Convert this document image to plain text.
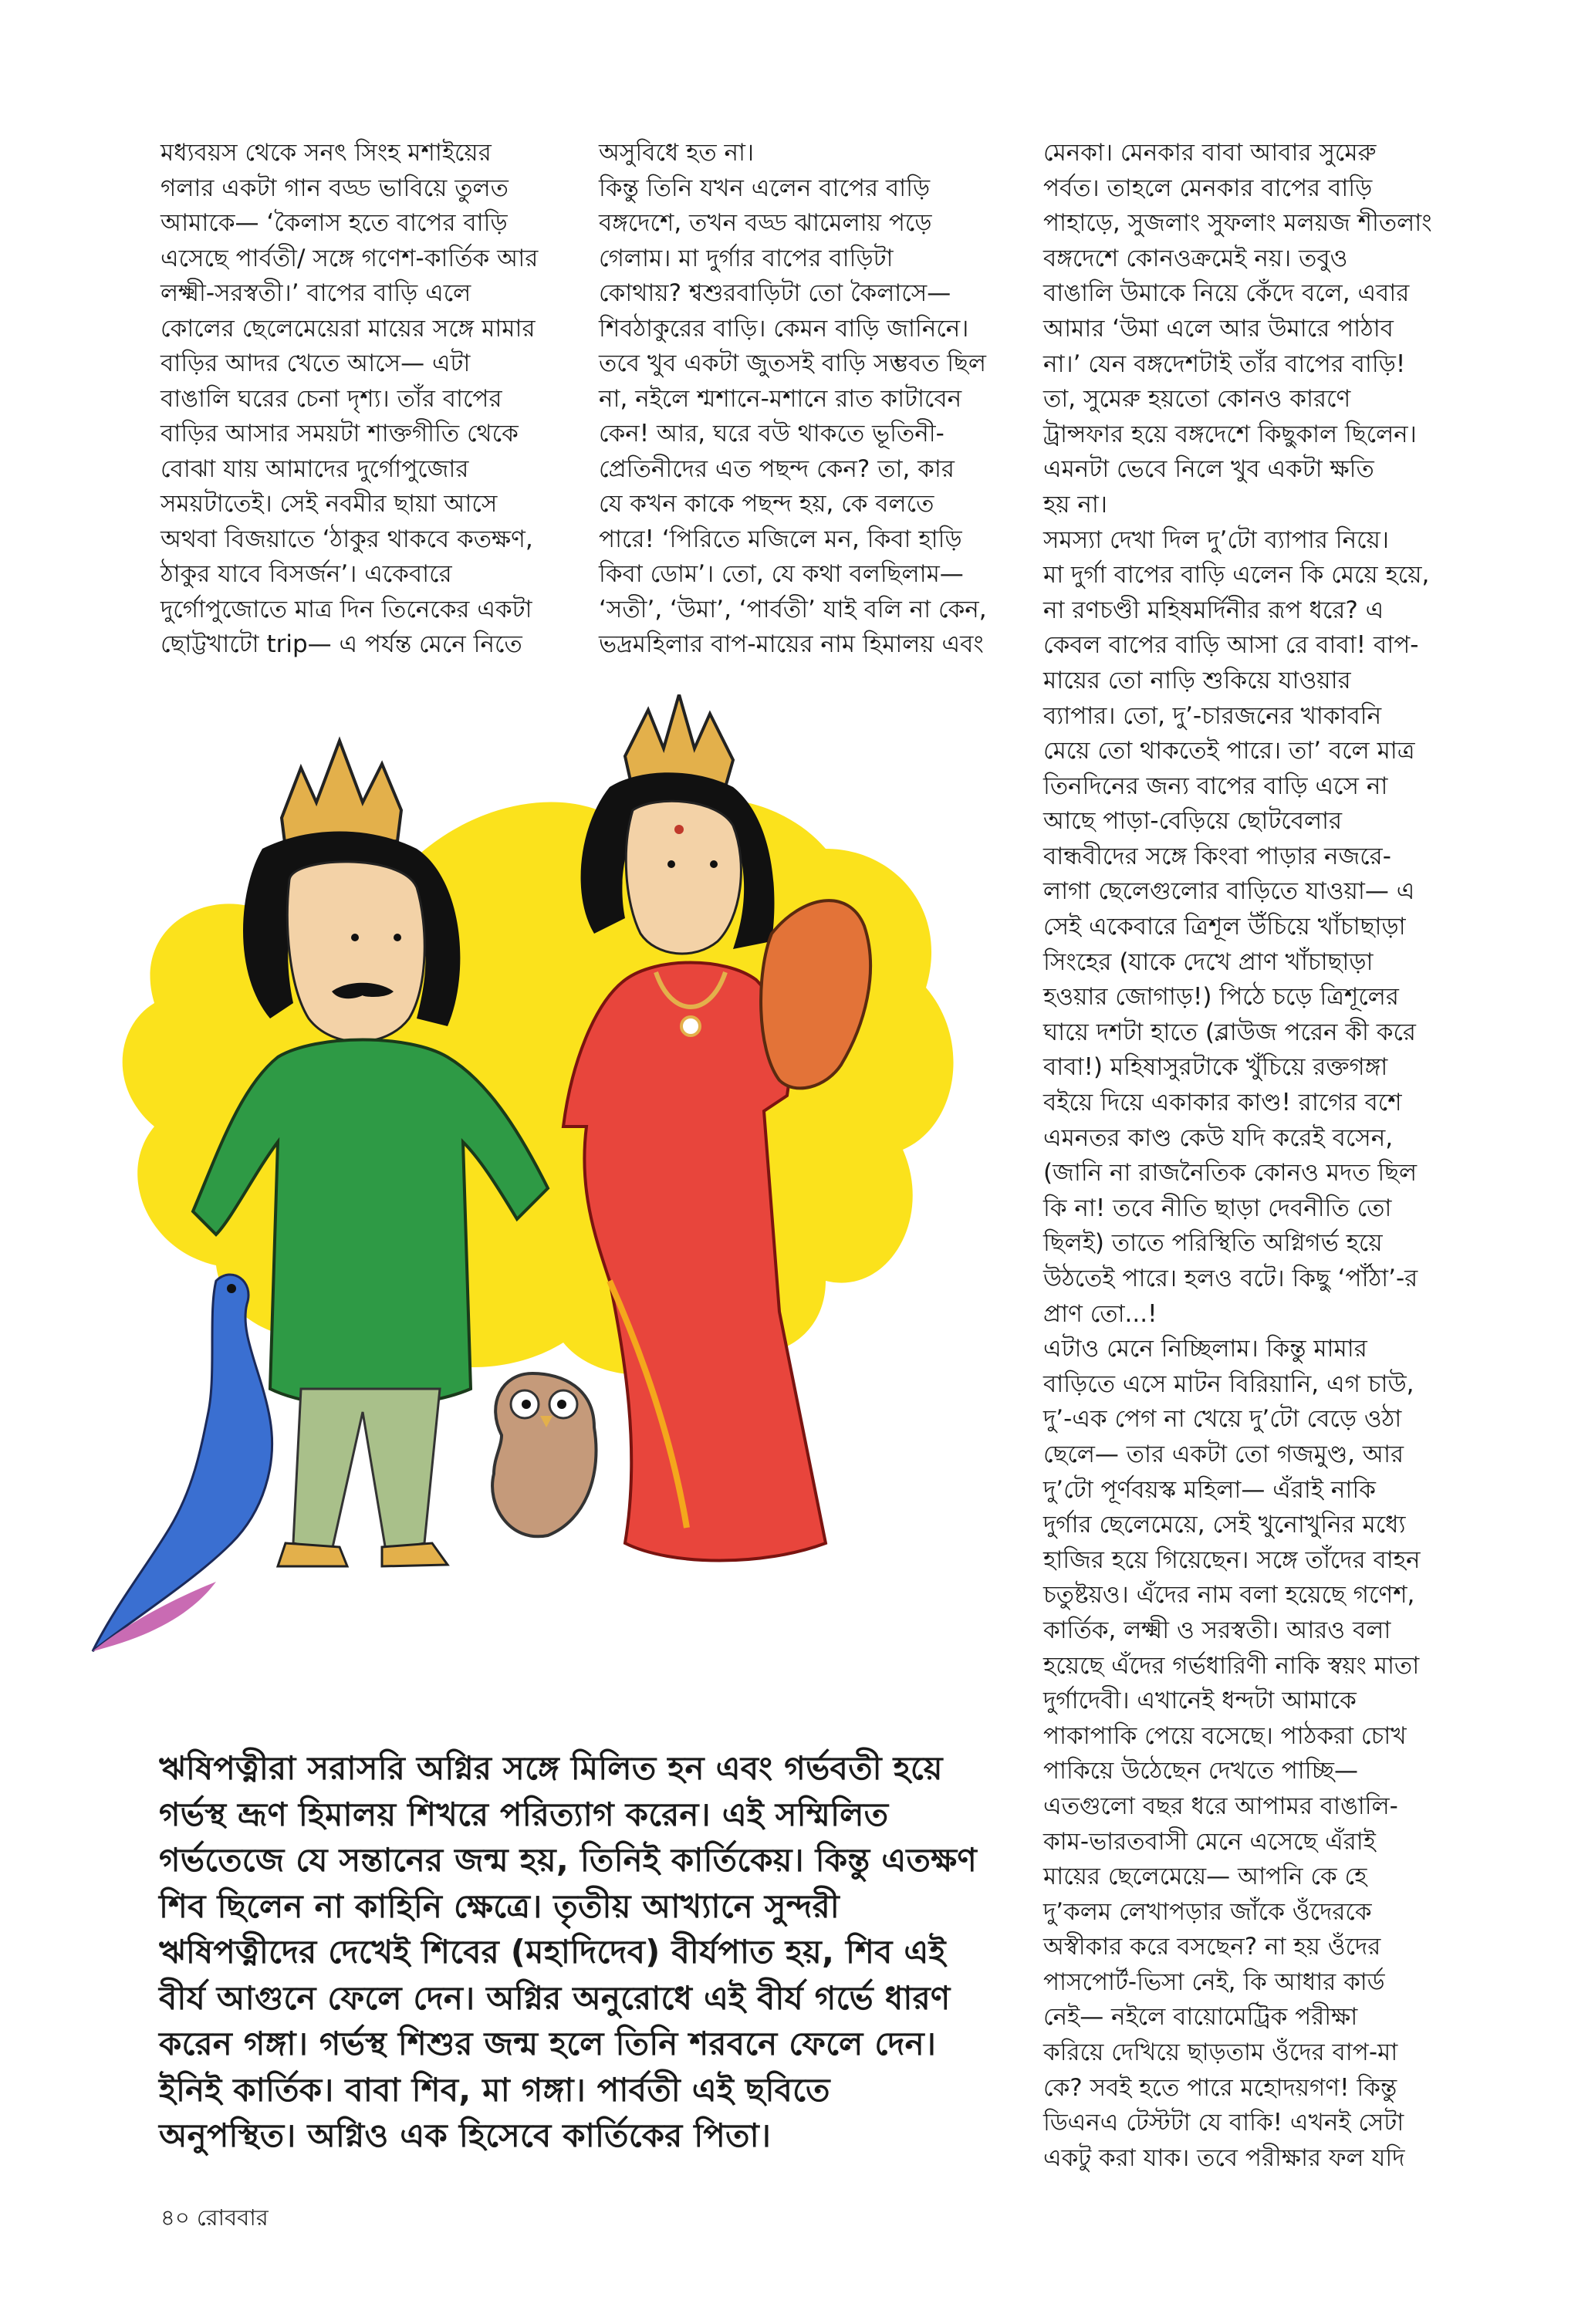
মধ্যবয়স থেকে সনৎ সিংহ মশাইয়ের
গলার একটা গান বড্ড ভাবিয়ে তুলত
আমাকে— ‘কৈলাস হতে বাপের বাড়ি
এসেছে পার্বতী/ সঙ্গে গণেশ-কার্তিক আর
লক্ষ্মী-সরস্বতী।’ বাপের বাড়ি এলে
কোলের ছেলেমেয়েরা মায়ের সঙ্গে মামার
বাড়ির আদর খেতে আসে— এটা
বাঙালি ঘরের চেনা দৃশ্য। তাঁর বাপের
বাড়ির আসার সময়টা শাক্তগীতি থেকে
বোঝা যায় আমাদের দুর্গোপুজোর
সময়টাতেই। সেই নবমীর ছায়া আসে
অথবা বিজয়াতে ‘ঠাকুর থাকবে কতক্ষণ,
ঠাকুর যাবে বিসর্জন’। একেবারে
দুর্গোপুজোতে মাত্র দিন তিনেকের একটা
ছোট্টখাটো trip— এ পর্যন্ত মেনে নিতে

অসুবিধে হত না।
কিন্তু তিনি যখন এলেন বাপের বাড়ি
বঙ্গদেশে, তখন বড্ড ঝামেলায় পড়ে
গেলাম। মা দুর্গার বাপের বাড়িটা
কোথায়? শ্বশুরবাড়িটা তো কৈলাসে—
শিবঠাকুরের বাড়ি। কেমন বাড়ি জানিনে।
তবে খুব একটা জুতসই বাড়ি সম্ভবত ছিল
না, নইলে শ্মশানে-মশানে রাত কাটাবেন
কেন! আর, ঘরে বউ থাকতে ভূতিনী-
প্রেতিনীদের এত পছন্দ কেন? তা, কার
যে কখন কাকে পছন্দ হয়, কে বলতে
পারে! ‘পিরিতে মজিলে মন, কিবা হাড়ি
কিবা ডোম’। তো, যে কথা বলছিলাম—
‘সতী’, ‘উমা’, ‘পার্বতী’ যাই বলি না কেন,
ভদ্রমহিলার বাপ-মায়ের নাম হিমালয় এবং

মেনকা। মেনকার বাবা আবার সুমেরু
পর্বত। তাহলে মেনকার বাপের বাড়ি
পাহাড়ে, সুজলাং সুফলাং মলয়জ শীতলাং
বঙ্গদেশে কোনওক্রমেই নয়। তবুও
বাঙালি উমাকে নিয়ে কেঁদে বলে, এবার
আমার ‘উমা এলে আর উমারে পাঠাব
না।’ যেন বঙ্গদেশটাই তাঁর বাপের বাড়ি!
তা, সুমেরু হয়তো কোনও কারণে
ট্রান্সফার হয়ে বঙ্গদেশে কিছুকাল ছিলেন।
এমনটা ভেবে নিলে খুব একটা ক্ষতি
হয় না।
সমস্যা দেখা দিল দু’টো ব্যাপার নিয়ে।
মা দুর্গা বাপের বাড়ি এলেন কি মেয়ে হয়ে,
না রণচণ্ডী মহিষমর্দিনীর রূপ ধরে? এ
কেবল বাপের বাড়ি আসা রে বাবা! বাপ-
মায়ের তো নাড়ি শুকিয়ে যাওয়ার
ব্যাপার। তো, দু’-চারজনের খাকাবনি
মেয়ে তো থাকতেই পারে। তা’ বলে মাত্র
তিনদিনের জন্য বাপের বাড়ি এসে না
আছে পাড়া-বেড়িয়ে ছোটবেলার
বান্ধবীদের সঙ্গে কিংবা পাড়ার নজরে-
লাগা ছেলেগুলোর বাড়িতে যাওয়া— এ
সেই একেবারে ত্রিশূল উঁচিয়ে খাঁচাছাড়া
সিংহের (যাকে দেখে প্রাণ খাঁচাছাড়া
হওয়ার জোগাড়!) পিঠে চড়ে ত্রিশূলের
ঘায়ে দশটা হাতে (ব্লাউজ পরেন কী করে
বাবা!) মহিষাসুরটাকে খুঁচিয়ে রক্তগঙ্গা
বইয়ে দিয়ে একাকার কাণ্ড! রাগের বশে
এমনতর কাণ্ড কেউ যদি করেই বসেন,
(জানি না রাজনৈতিক কোনও মদত ছিল
কি না! তবে নীতি ছাড়া দেবনীতি তো
ছিলই) তাতে পরিস্থিতি অগ্নিগর্ভ হয়ে
উঠতেই পারে। হলও বটে। কিছু ‘পাঁঠা’-র
প্রাণ তো...!
এটাও মেনে নিচ্ছিলাম। কিন্তু মামার
বাড়িতে এসে মাটন বিরিয়ানি, এগ চাউ,
দু’-এক পেগ না খেয়ে দু’টো বেড়ে ওঠা
ছেলে— তার একটা তো গজমুণ্ড, আর
দু’টো পূর্ণবয়স্ক মহিলা— এঁরাই নাকি
দুর্গার ছেলেমেয়ে, সেই খুনোখুনির মধ্যে
হাজির হয়ে গিয়েছেন। সঙ্গে তাঁদের বাহন
চতুষ্টয়ও। এঁদের নাম বলা হয়েছে গণেশ,
কার্তিক, লক্ষ্মী ও সরস্বতী। আরও বলা
হয়েছে এঁদের গর্ভধারিণী নাকি স্বয়ং মাতা
দুর্গাদেবী। এখানেই ধন্দটা আমাকে
পাকাপাকি পেয়ে বসেছে। পাঠকরা চোখ
পাকিয়ে উঠেছেন দেখতে পাচ্ছি—
এতগুলো বছর ধরে আপামর বাঙালি-
কাম-ভারতবাসী মেনে এসেছে এঁরাই
মায়ের ছেলেমেয়ে— আপনি কে হে
দু’কলম লেখাপড়ার জাঁকে ওঁদেরকে
অস্বীকার করে বসছেন? না হয় ওঁদের
পাসপোর্ট-ভিসা নেই, কি আধার কার্ড
নেই— নইলে বায়োমেট্রিক পরীক্ষা
করিয়ে দেখিয়ে ছাড়তাম ওঁদের বাপ-মা
কে? সবই হতে পারে মহোদয়গণ! কিন্তু
ডিএনএ টেস্টটা যে বাকি! এখনই সেটা
একটু করা যাক। তবে পরীক্ষার ফল যদি

ঋষিপত্নীরা সরাসরি অগ্নির সঙ্গে মিলিত হন এবং গর্ভবতী হয়ে
গর্ভস্থ ভ্রূণ হিমালয় শিখরে পরিত্যাগ করেন। এই সম্মিলিত
গর্ভতেজে যে সন্তানের জন্ম হয়, তিনিই কার্তিকেয়। কিন্তু এতক্ষণ
শিব ছিলেন না কাহিনি ক্ষেত্রে। তৃতীয় আখ্যানে সুন্দরী
ঋষিপত্নীদের দেখেই শিবের (মহাদিদেব) বীর্যপাত হয়, শিব এই
বীর্য আগুনে ফেলে দেন। অগ্নির অনুরোধে এই বীর্য গর্ভে ধারণ
করেন গঙ্গা। গর্ভস্থ শিশুর জন্ম হলে তিনি শরবনে ফেলে দেন।
ইনিই কার্তিক। বাবা শিব, মা গঙ্গা। পার্বতী এই ছবিতে
অনুপস্থিত। অগ্নিও এক হিসেবে কার্তিকের পিতা।

৪০ রোববার
